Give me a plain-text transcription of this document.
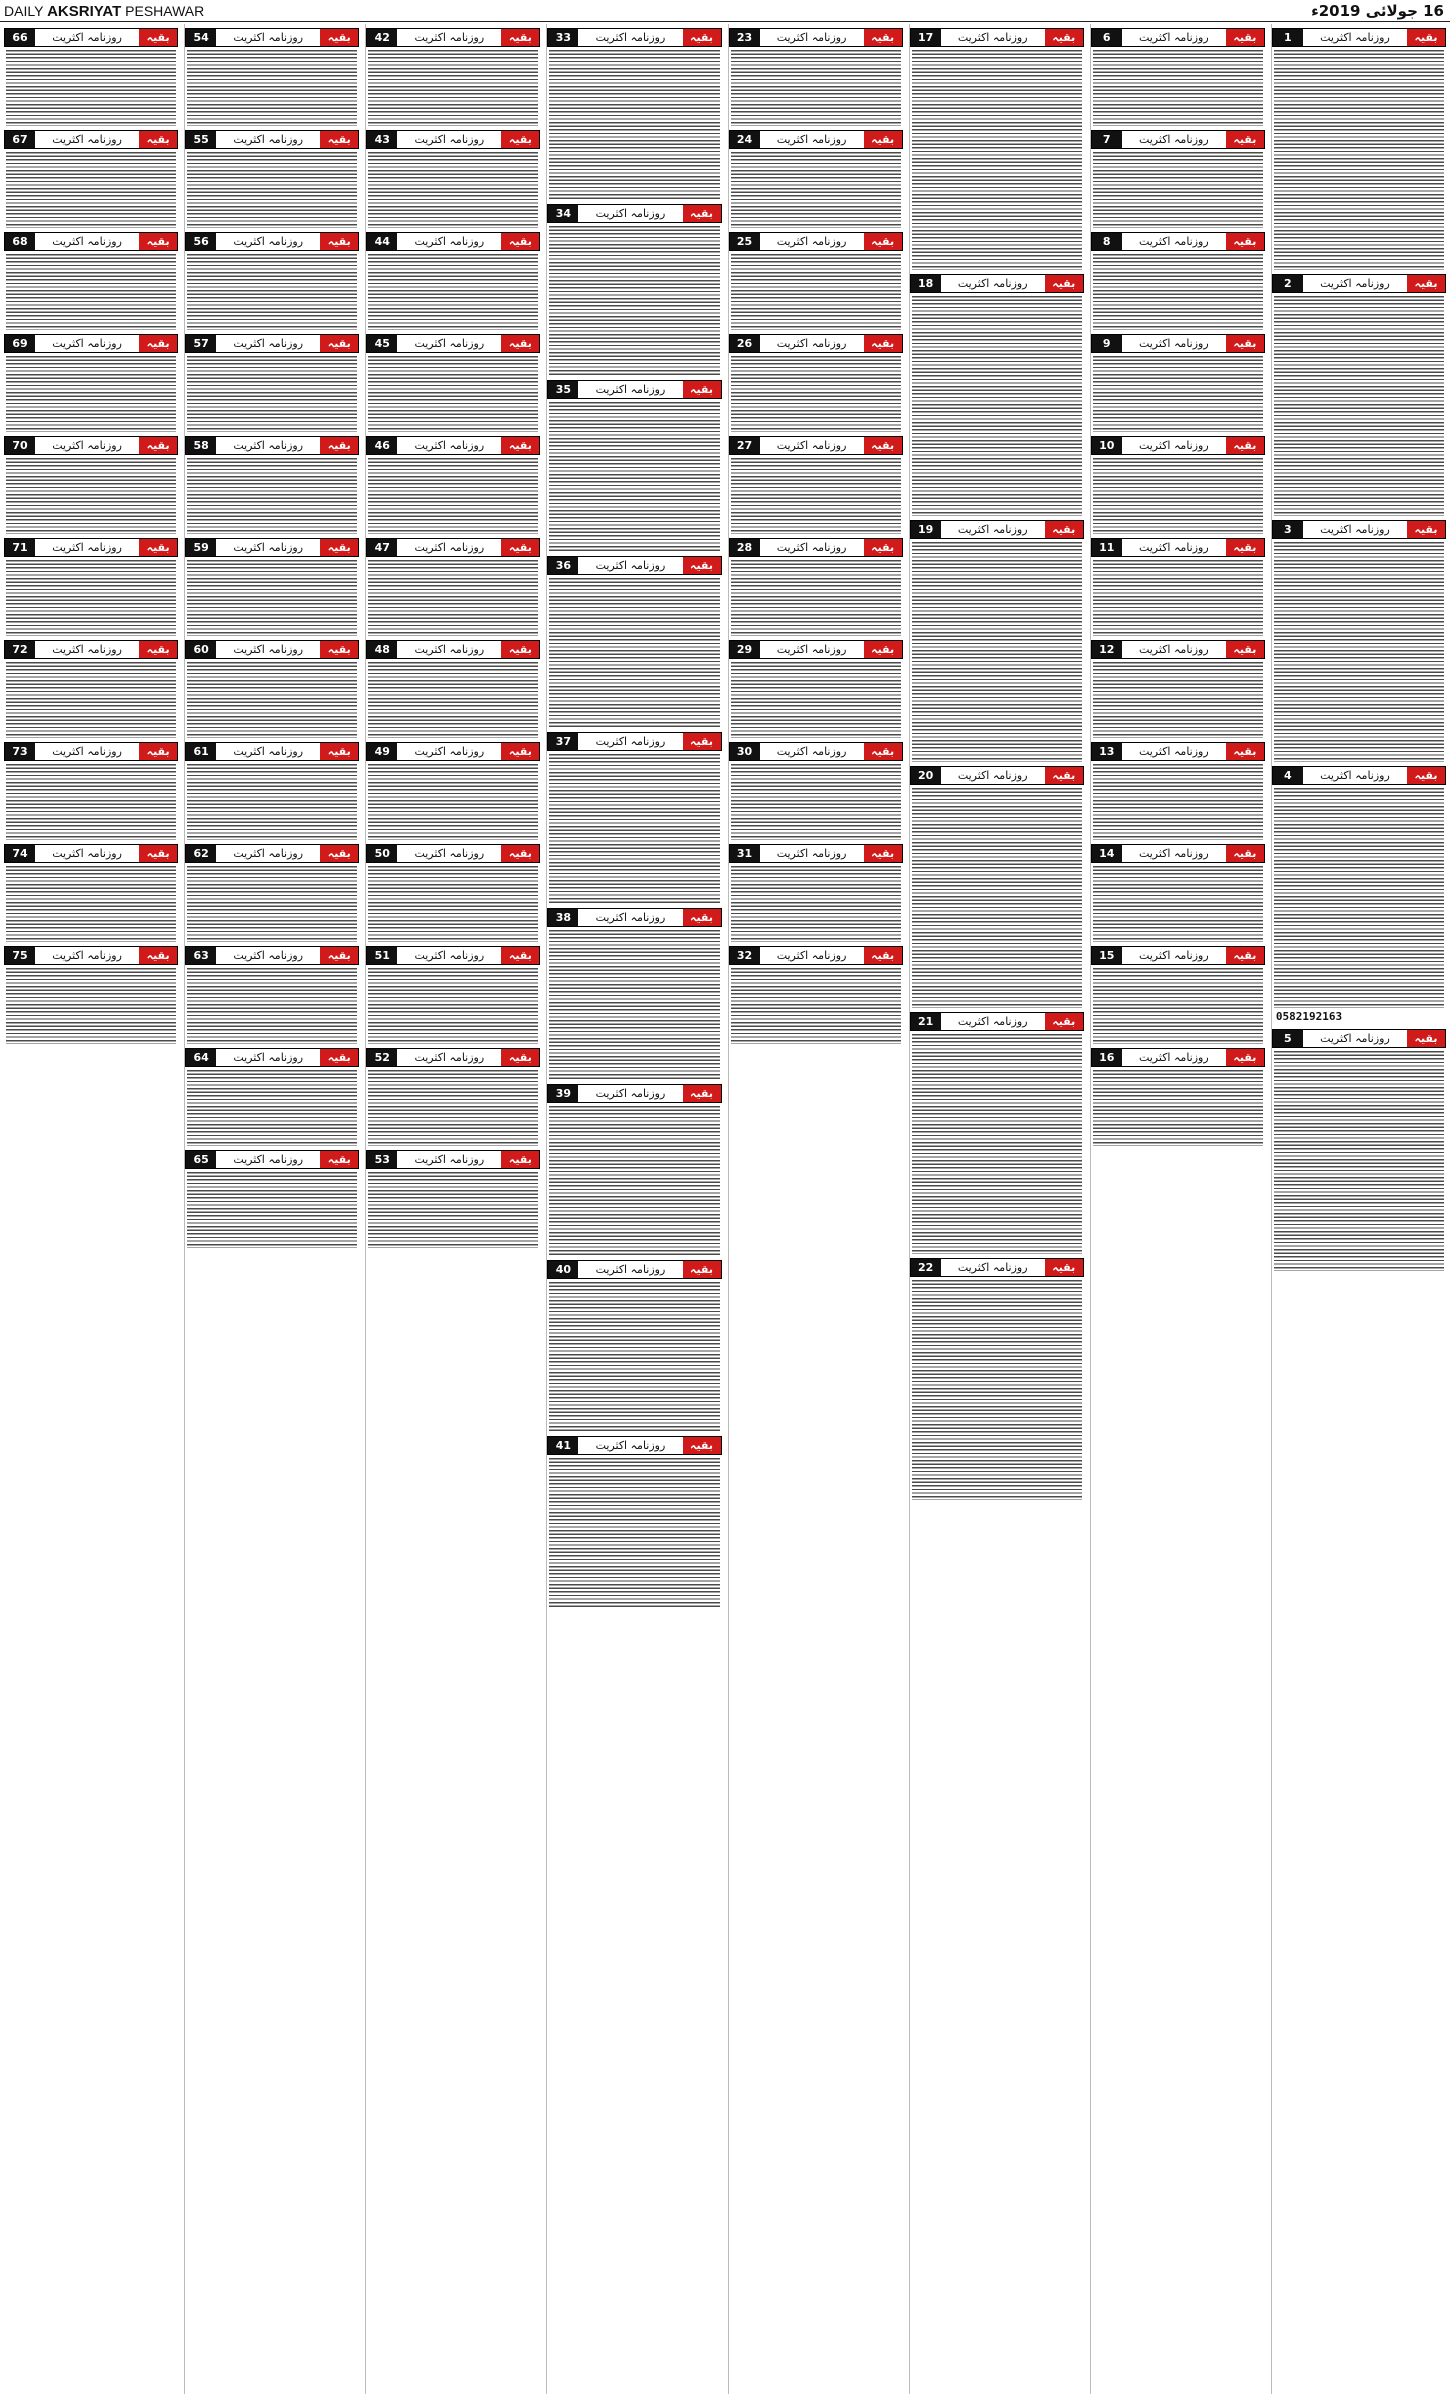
DAILY AKSRIYAT PESHAWAR	16 جولائی 2019ء
1	روزنامہ اکثریت	بقیہ
2	روزنامہ اکثریت	بقیہ
3	روزنامہ اکثریت	بقیہ
4	روزنامہ اکثریت	بقیہ
0582192163
5	روزنامہ اکثریت	بقیہ
6	روزنامہ اکثریت	بقیہ
7	روزنامہ اکثریت	بقیہ
8	روزنامہ اکثریت	بقیہ
9	روزنامہ اکثریت	بقیہ
10	روزنامہ اکثریت	بقیہ
11	روزنامہ اکثریت	بقیہ
12	روزنامہ اکثریت	بقیہ
13	روزنامہ اکثریت	بقیہ
14	روزنامہ اکثریت	بقیہ
15	روزنامہ اکثریت	بقیہ
16	روزنامہ اکثریت	بقیہ
17	روزنامہ اکثریت	بقیہ
18	روزنامہ اکثریت	بقیہ
19	روزنامہ اکثریت	بقیہ
20	روزنامہ اکثریت	بقیہ
21	روزنامہ اکثریت	بقیہ
22	روزنامہ اکثریت	بقیہ
23	روزنامہ اکثریت	بقیہ
24	روزنامہ اکثریت	بقیہ
25	روزنامہ اکثریت	بقیہ
26	روزنامہ اکثریت	بقیہ
27	روزنامہ اکثریت	بقیہ
28	روزنامہ اکثریت	بقیہ
29	روزنامہ اکثریت	بقیہ
30	روزنامہ اکثریت	بقیہ
31	روزنامہ اکثریت	بقیہ
32	روزنامہ اکثریت	بقیہ
33	روزنامہ اکثریت	بقیہ
34	روزنامہ اکثریت	بقیہ
35	روزنامہ اکثریت	بقیہ
36	روزنامہ اکثریت	بقیہ
37	روزنامہ اکثریت	بقیہ
38	روزنامہ اکثریت	بقیہ
39	روزنامہ اکثریت	بقیہ
40	روزنامہ اکثریت	بقیہ
41	روزنامہ اکثریت	بقیہ
42	روزنامہ اکثریت	بقیہ
43	روزنامہ اکثریت	بقیہ
44	روزنامہ اکثریت	بقیہ
45	روزنامہ اکثریت	بقیہ
46	روزنامہ اکثریت	بقیہ
47	روزنامہ اکثریت	بقیہ
48	روزنامہ اکثریت	بقیہ
49	روزنامہ اکثریت	بقیہ
50	روزنامہ اکثریت	بقیہ
51	روزنامہ اکثریت	بقیہ
52	روزنامہ اکثریت	بقیہ
53	روزنامہ اکثریت	بقیہ
54	روزنامہ اکثریت	بقیہ
55	روزنامہ اکثریت	بقیہ
56	روزنامہ اکثریت	بقیہ
57	روزنامہ اکثریت	بقیہ
58	روزنامہ اکثریت	بقیہ
59	روزنامہ اکثریت	بقیہ
60	روزنامہ اکثریت	بقیہ
61	روزنامہ اکثریت	بقیہ
62	روزنامہ اکثریت	بقیہ
63	روزنامہ اکثریت	بقیہ
64	روزنامہ اکثریت	بقیہ
65	روزنامہ اکثریت	بقیہ
66	روزنامہ اکثریت	بقیہ
67	روزنامہ اکثریت	بقیہ
68	روزنامہ اکثریت	بقیہ
69	روزنامہ اکثریت	بقیہ
70	روزنامہ اکثریت	بقیہ
71	روزنامہ اکثریت	بقیہ
72	روزنامہ اکثریت	بقیہ
73	روزنامہ اکثریت	بقیہ
74	روزنامہ اکثریت	بقیہ
75	روزنامہ اکثریت	بقیہ
